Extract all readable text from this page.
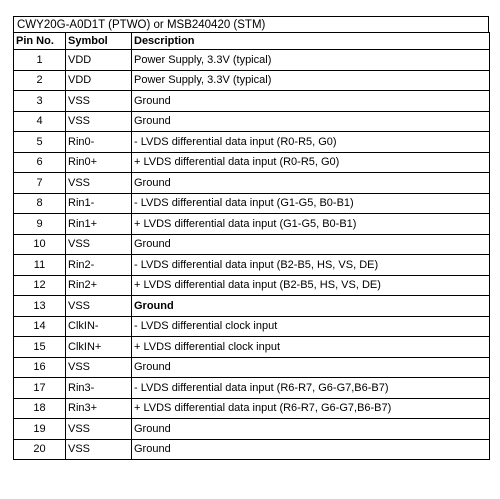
CWY20G-A0D1T (PTWO) or MSB240420 (STM)
Pin No.	Symbol	Description
1	VDD	Power Supply, 3.3V (typical)
2	VDD	Power Supply, 3.3V (typical)
3	VSS	Ground
4	VSS	Ground
5	Rin0-	- LVDS differential data input (R0-R5, G0)
6	Rin0+	+ LVDS differential data input (R0-R5, G0)
7	VSS	Ground
8	Rin1-	- LVDS differential data input (G1-G5, B0-B1)
9	Rin1+	+ LVDS differential data input (G1-G5, B0-B1)
10	VSS	Ground
11	Rin2-	- LVDS differential data input (B2-B5, HS, VS, DE)
12	Rin2+	+ LVDS differential data input (B2-B5, HS, VS, DE)
13	VSS	Ground
14	ClkIN-	- LVDS differential clock input
15	ClkIN+	+ LVDS differential clock input
16	VSS	Ground
17	Rin3-	- LVDS differential data input (R6-R7, G6-G7,B6-B7)
18	Rin3+	+ LVDS differential data input (R6-R7, G6-G7,B6-B7)
19	VSS	Ground
20	VSS	Ground
